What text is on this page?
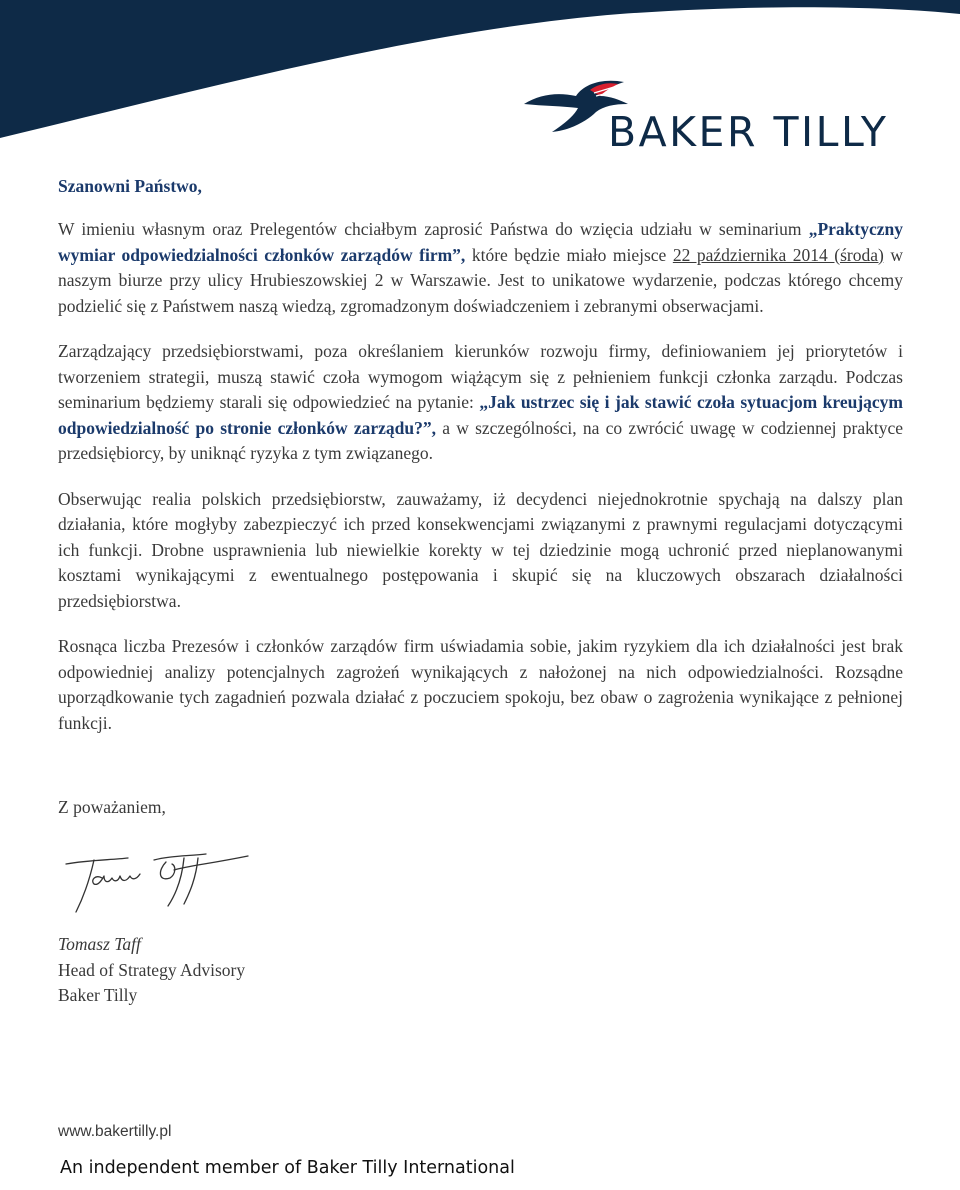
BAKER TILLY
Szanowni Państwo,

W imieniu własnym oraz Prelegentów chciałbym zaprosić Państwa do wzięcia udziału w seminarium „Praktyczny wymiar odpowiedzialności członków zarządów firm”, które będzie miało miejsce 22 października 2014 (środa) w naszym biurze przy ulicy Hrubieszowskiej 2 w Warszawie. Jest to unikatowe wydarzenie, podczas którego chcemy podzielić się z Państwem naszą wiedzą, zgromadzonym doświadczeniem i zebranymi obserwacjami.

Zarządzający przedsiębiorstwami, poza określaniem kierunków rozwoju firmy, definiowaniem jej priorytetów i tworzeniem strategii, muszą stawić czoła wymogom wiążącym się z pełnieniem funkcji członka zarządu. Podczas seminarium będziemy starali się odpowiedzieć na pytanie: „Jak ustrzec się i jak stawić czoła sytuacjom kreującym odpowiedzialność po stronie członków zarządu?”, a w szczególności, na co zwrócić uwagę w codziennej praktyce przedsiębiorcy, by uniknąć ryzyka z tym związanego.

Obserwując realia polskich przedsiębiorstw, zauważamy, iż decydenci niejednokrotnie spychają na dalszy plan działania, które mogłyby zabezpieczyć ich przed konsekwencjami związanymi z prawnymi regulacjami dotyczącymi ich funkcji. Drobne usprawnienia lub niewielkie korekty w tej dziedzinie mogą uchronić przed nieplanowanymi kosztami wynikającymi z ewentualnego postępowania i skupić się na kluczowych obszarach działalności przedsiębiorstwa.

Rosnąca liczba Prezesów i członków zarządów firm uświadamia sobie, jakim ryzykiem dla ich działalności jest brak odpowiedniej analizy potencjalnych zagrożeń wynikających z nałożonej na nich odpowiedzialności. Rozsądne uporządkowanie tych zagadnień pozwala działać z poczuciem spokoju, bez obaw o zagrożenia wynikające z pełnionej funkcji.

Z poważaniem,
Tomasz Taff
Head of Strategy Advisory
Baker Tilly
www.bakertilly.pl
An independent member of Baker Tilly International
